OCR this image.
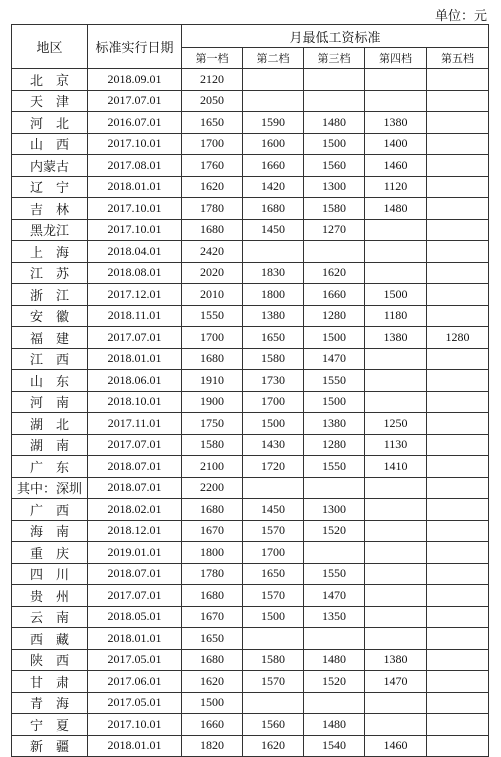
单位：元
地区	标准实行日期	月最低工资标准				
		第一档	第二档	第三档	第四档	第五档
北　京	2018.09.01	2120				
天　津	2017.07.01	2050				
河　北	2016.07.01	1650	1590	1480	1380	
山　西	2017.10.01	1700	1600	1500	1400	
内蒙古	2017.08.01	1760	1660	1560	1460	
辽　宁	2018.01.01	1620	1420	1300	1120	
吉　林	2017.10.01	1780	1680	1580	1480	
黑龙江	2017.10.01	1680	1450	1270		
上　海	2018.04.01	2420				
江　苏	2018.08.01	2020	1830	1620		
浙　江	2017.12.01	2010	1800	1660	1500	
安　徽	2018.11.01	1550	1380	1280	1180	
福　建	2017.07.01	1700	1650	1500	1380	1280
江　西	2018.01.01	1680	1580	1470		
山　东	2018.06.01	1910	1730	1550		
河　南	2018.10.01	1900	1700	1500		
湖　北	2017.11.01	1750	1500	1380	1250	
湖　南	2017.07.01	1580	1430	1280	1130	
广　东	2018.07.01	2100	1720	1550	1410	
其中：深圳	2018.07.01	2200				
广　西	2018.02.01	1680	1450	1300		
海　南	2018.12.01	1670	1570	1520		
重　庆	2019.01.01	1800	1700			
四　川	2018.07.01	1780	1650	1550		
贵　州	2017.07.01	1680	1570	1470		
云　南	2018.05.01	1670	1500	1350		
西　藏	2018.01.01	1650				
陕　西	2017.05.01	1680	1580	1480	1380	
甘　肃	2017.06.01	1620	1570	1520	1470	
青　海	2017.05.01	1500				
宁　夏	2017.10.01	1660	1560	1480		
新　疆	2018.01.01	1820	1620	1540	1460	
